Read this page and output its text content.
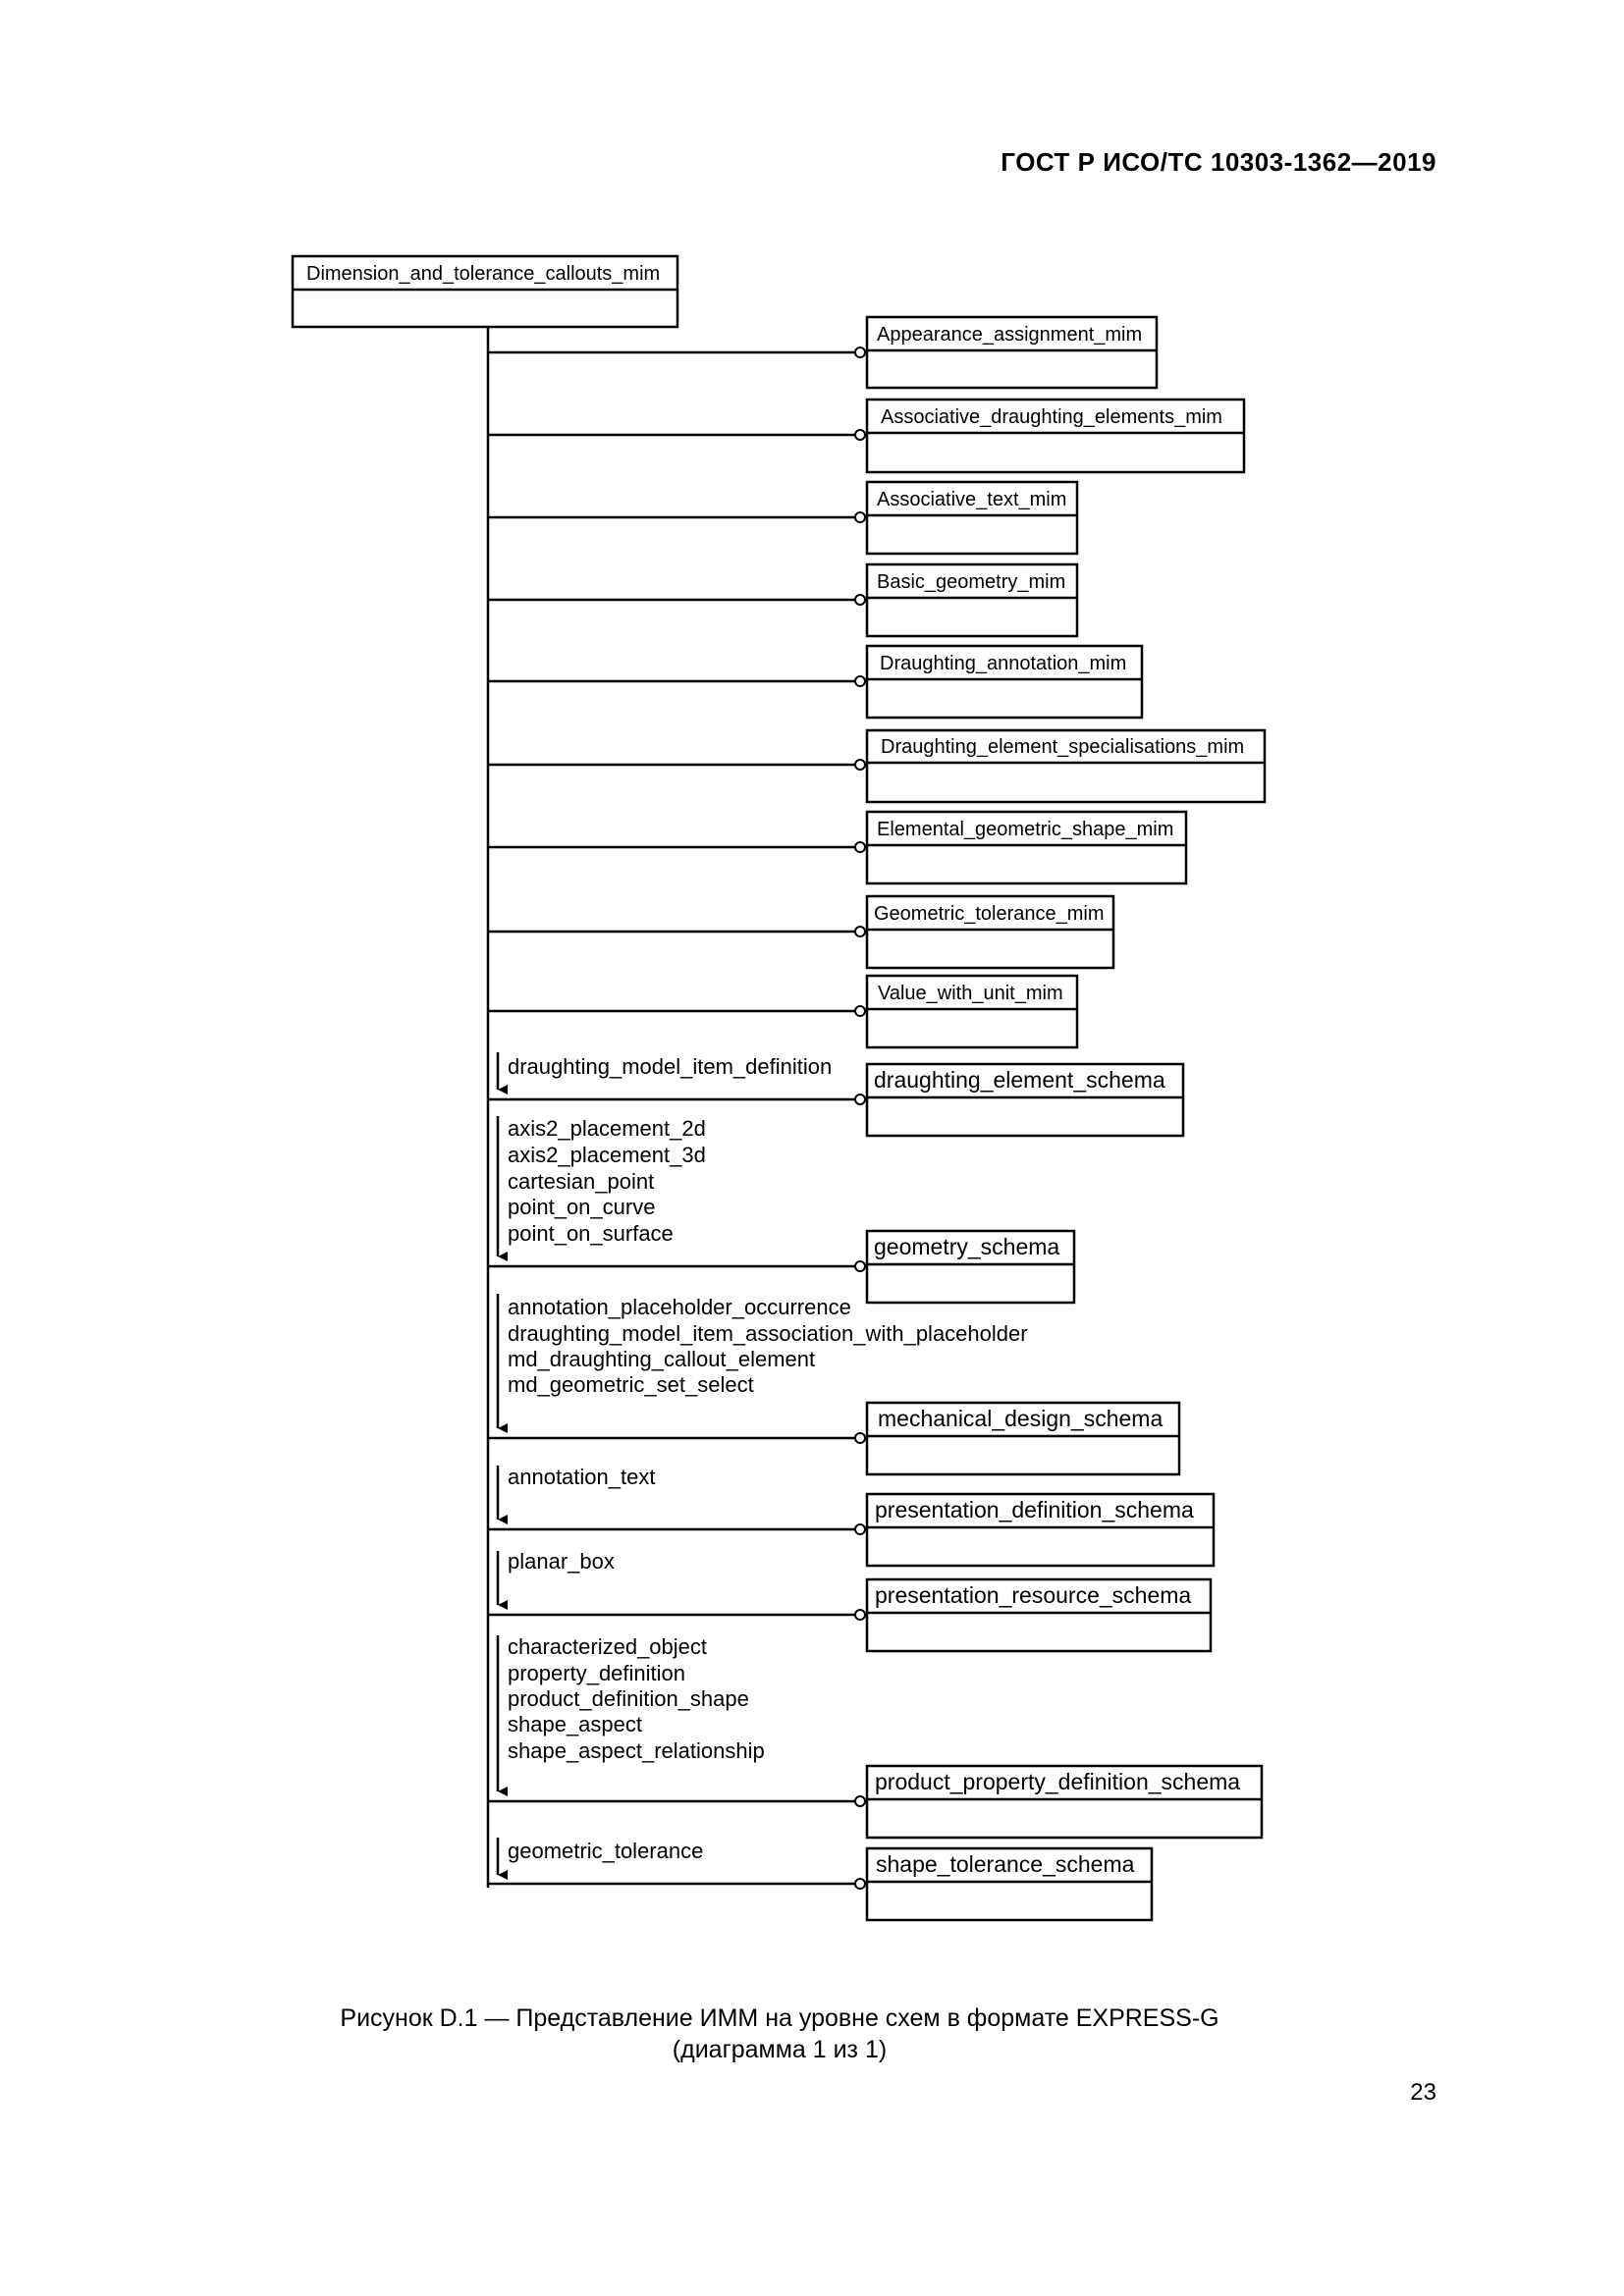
ГОСТ Р ИСО/ТС 10303-1362—2019
Dimension_and_tolerance_callouts_mim
Appearance_assignment_mim
Associative_draughting_elements_mim
Associative_text_mim
Basic_geometry_mim
Draughting_annotation_mim
Draughting_element_specialisations_mim
Elemental_geometric_shape_mim
Geometric_tolerance_mim
Value_with_unit_mim
draughting_model_item_definition
draughting_element_schema
axis2_placement_2d
axis2_placement_3d
cartesian_point
point_on_curve
point_on_surface
geometry_schema
annotation_placeholder_occurrence
draughting_model_item_association_with_placeholder
md_draughting_callout_element
md_geometric_set_select
mechanical_design_schema
annotation_text
presentation_definition_schema
planar_box
presentation_resource_schema
characterized_object
property_definition
product_definition_shape
shape_aspect
shape_aspect_relationship
product_property_definition_schema
geometric_tolerance
shape_tolerance_schema
Рисунок D.1 — Представление ИММ на уровне схем в формате EXPRESS-G
(диаграмма 1 из 1)
23
